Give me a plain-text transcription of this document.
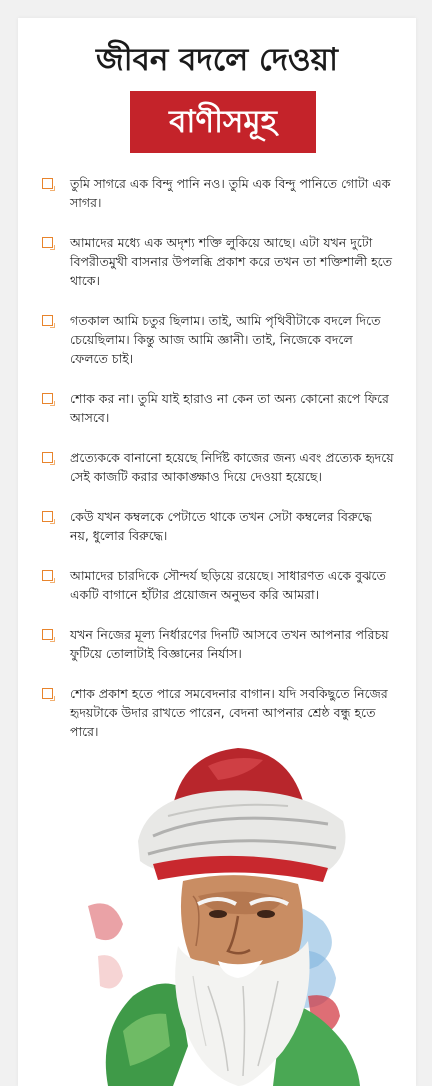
জীবন বদলে দেওয়া
বাণীসমূহ
তুমি সাগরে এক বিন্দু পানি নও। তুমি এক বিন্দু পানিতে গোটা এক সাগর।
আমাদের মধ্যে এক অদৃশ্য শক্তি লুকিয়ে আছে। এটা যখন দুটো বিপরীতমুখী বাসনার উপলব্ধি প্রকাশ করে তখন তা শক্তিশালী হতে থাকে।
গতকাল আমি চতুর ছিলাম। তাই, আমি পৃথিবীটাকে বদলে দিতে চেয়েছিলাম। কিন্তু আজ আমি জ্ঞানী। তাই, নিজেকে বদলে ফেলতে চাই।
শোক কর না। তুমি যাই হারাও না কেন তা অন্য কোনো রূপে ফিরে আসবে।
প্রত্যেককে বানানো হয়েছে নির্দিষ্ট কাজের জন্য এবং প্রত্যেক হৃদয়ে সেই কাজটি করার আকাঙ্ক্ষাও দিয়ে দেওয়া হয়েছে।
কেউ যখন কম্বলকে পেটাতে থাকে তখন সেটা কম্বলের বিরুদ্ধে নয়, ধুলোর বিরুদ্ধে।
আমাদের চারদিকে সৌন্দর্য ছড়িয়ে রয়েছে। সাধারণত একে বুঝতে একটি বাগানে হাঁটার প্রয়োজন অনুভব করি আমরা।
যখন নিজের মূল্য নির্ধারণের দিনটি আসবে তখন আপনার পরিচয় ফুটিয়ে তোলাটাই বিজ্ঞানের নির্যাস।
শোক প্রকাশ হতে পারে সমবেদনার বাগান। যদি সবকিছুতে নিজের হৃদয়টাকে উদার রাখতে পারেন, বেদনা আপনার শ্রেষ্ঠ বন্ধু হতে পারে।
